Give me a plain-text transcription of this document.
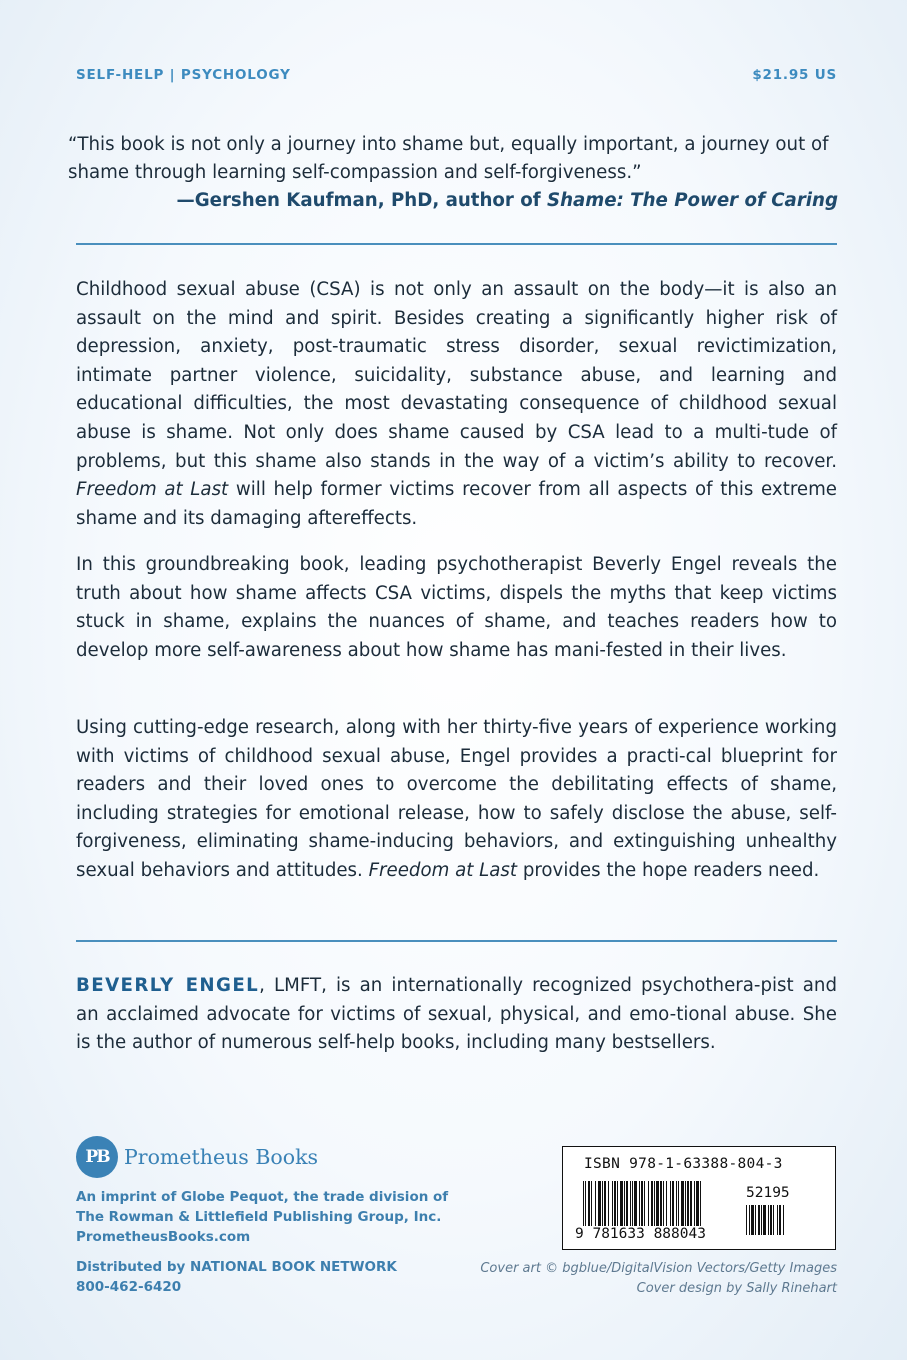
SELF-HELP | PSYCHOLOGY	$21.95 US
“This book is not only a journey into shame but, equally important, a journey out of shame through learning self-compassion and self-forgiveness.”
—Gershen Kaufman, PhD, author of Shame: The Power of Caring

Childhood sexual abuse (CSA) is not only an assault on the body—it is also an assault on the mind and spirit. Besides creating a significantly higher risk of depression, anxiety, post-traumatic stress disorder, sexual revictimization, intimate partner violence, suicidality, substance abuse, and learning and educational difficulties, the most devastating consequence of childhood sexual abuse is shame. Not only does shame caused by CSA lead to a multi-tude of problems, but this shame also stands in the way of a victim’s ability to recover. Freedom at Last will help former victims recover from all aspects of this extreme shame and its damaging aftereffects.

In this groundbreaking book, leading psychotherapist Beverly Engel reveals the truth about how shame affects CSA victims, dispels the myths that keep victims stuck in shame, explains the nuances of shame, and teaches readers how to develop more self-awareness about how shame has mani-fested in their lives.

Using cutting-edge research, along with her thirty-five years of experience working with victims of childhood sexual abuse, Engel provides a practi-cal blueprint for readers and their loved ones to overcome the debilitating effects of shame, including strategies for emotional release, how to safely disclose the abuse, self-forgiveness, eliminating shame-inducing behaviors, and extinguishing unhealthy sexual behaviors and attitudes. Freedom at Last provides the hope readers need.

BEVERLY ENGEL, LMFT, is an internationally recognized psychothera-pist and an acclaimed advocate for victims of sexual, physical, and emo-tional abuse. She is the author of numerous self-help books, including many bestsellers.

PB Prometheus Books
An imprint of Globe Pequot, the trade division of
The Rowman & Littlefield Publishing Group, Inc.
PrometheusBooks.com
Distributed by NATIONAL BOOK NETWORK
800-462-6420
ISBN 978-1-63388-804-3
52195
9 781633 888043
Cover art © bgblue/DigitalVision Vectors/Getty Images
Cover design by Sally Rinehart
